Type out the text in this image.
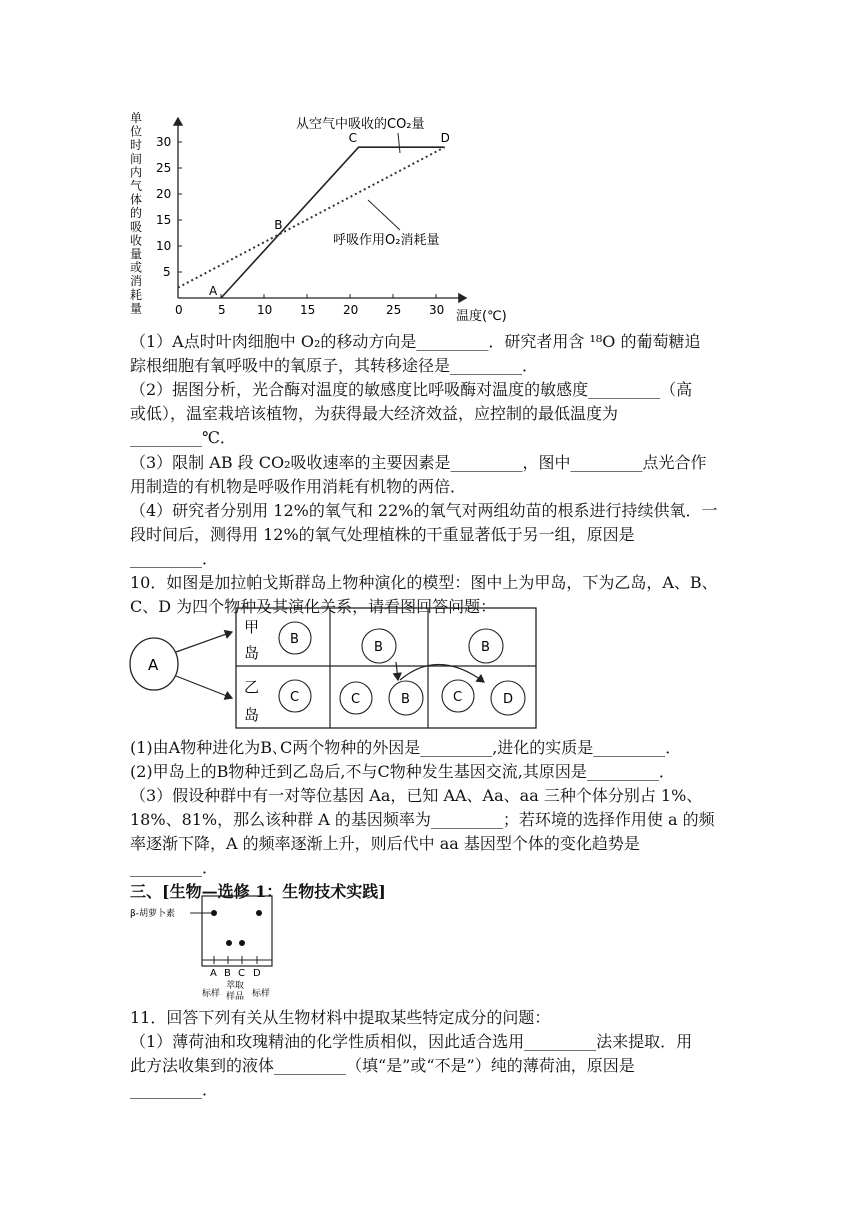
单
位
时
间
内
气
体
的
吸
收
量
或
消
耗
量	0	5	10 15 20 25 30
5
10
15
20
25
30
温度(℃)
A
B
C	D
从空气中吸收的CO₂量
呼吸作用O₂消耗量
（1）A点时叶肉细胞中 O₂的移动方向是_________．研究者用含 ¹⁸O 的葡萄糖追
踪根细胞有氧呼吸中的氧原子，其转移途径是_________．
（2）据图分析，光合酶对温度的敏感度比呼吸酶对温度的敏感度_________（高
或低），温室栽培该植物，为获得最大经济效益，应控制的最低温度为
_________℃．
（3）限制 AB 段 CO₂吸收速率的主要因素是_________，图中_________点光合作
用制造的有机物是呼吸作用消耗有机物的两倍．
（4）研究者分别用 12%的氧气和 22%的氧气对两组幼苗的根系进行持续供氧．一
段时间后，测得用 12%的氧气处理植株的干重显著低于另一组，原因是
_________．
10．如图是加拉帕戈斯群岛上物种演化的模型：图中上为甲岛，下为乙岛，A、B、
C、D 为四个物种及其演化关系，请看图回答问题：
A
甲
岛
乙
岛
B
B	B
C	C	B	C	D
(1)由A物种进化为B､C两个物种的外因是_________,进化的实质是_________．
(2)甲岛上的B物种迁到乙岛后,不与C物种发生基因交流,其原因是_________．
（3）假设种群中有一对等位基因 Aa，已知 AA、Aa、aa 三种个体分别占 1%、
18%、81%，那么该种群 A 的基因频率为_________；若环境的选择作用使 a 的频
率逐渐下降，A 的频率逐渐上升，则后代中 aa 基因型个体的变化趋势是
_________．
三、[生物—选修 1：生物技术实践]
β-胡萝卜素
A B C D
标样
萃取
样品 标样
11．回答下列有关从生物材料中提取某些特定成分的问题：
（1）薄荷油和玫瑰精油的化学性质相似，因此适合选用_________法来提取．用
此方法收集到的液体_________（填“是”或“不是”）纯的薄荷油，原因是
_________．
